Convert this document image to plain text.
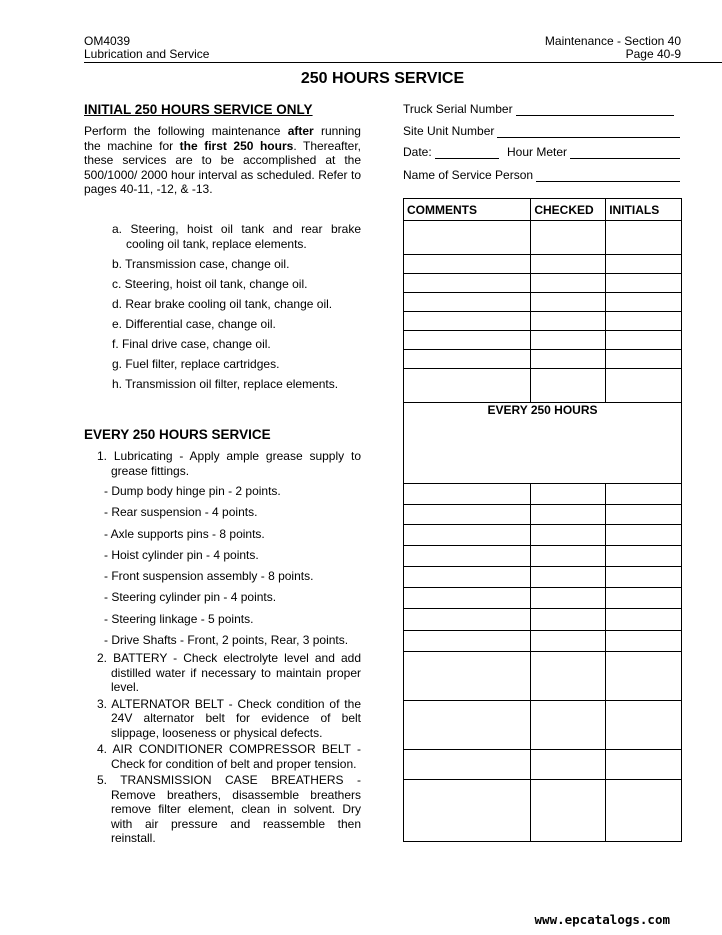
OM4039
Lubrication and Service
Maintenance - Section 40
Page 40-9
250 HOURS SERVICE
INITIAL 250 HOURS SERVICE ONLY
Perform the following maintenance after running the machine for the first 250 hours. Thereafter, these services are to be accomplished at the 500/1000/ 2000 hour interval as scheduled. Refer to pages 40-11, -12, & -13.
a. Steering, hoist oil tank and rear brake cooling oil tank, replace elements.
b. Transmission case, change oil.
c. Steering, hoist oil tank, change oil.
d. Rear brake cooling oil tank, change oil.
e. Differential case, change oil.
f. Final drive case, change oil.
g. Fuel filter, replace cartridges.
h. Transmission oil filter, replace elements.
EVERY 250 HOURS SERVICE
1. Lubricating - Apply ample grease supply to grease fittings.
- Dump body hinge pin - 2 points.
- Rear suspension - 4 points.
- Axle supports pins - 8 points.
- Hoist cylinder pin - 4 points.
- Front suspension assembly - 8 points.
- Steering cylinder pin - 4 points.
- Steering linkage - 5 points.
- Drive Shafts - Front, 2 points, Rear, 3 points.
2. BATTERY - Check electrolyte level and add distilled water if necessary to maintain proper level.
3. ALTERNATOR BELT - Check condition of the 24V alternator belt for evidence of belt slippage, looseness or physical defects.
4. AIR CONDITIONER COMPRESSOR BELT - Check for condition of belt and proper tension.
5. TRANSMISSION CASE BREATHERS - Remove breathers, disassemble breathers remove filter element, clean in solvent. Dry with air pressure and reassemble then reinstall.
Truck Serial Number
Site Unit Number
Date:	Hour Meter
Name of Service Person
COMMENTS	CHECKED	INITIALS

EVERY 250 HOURS		

www.epcatalogs.com
